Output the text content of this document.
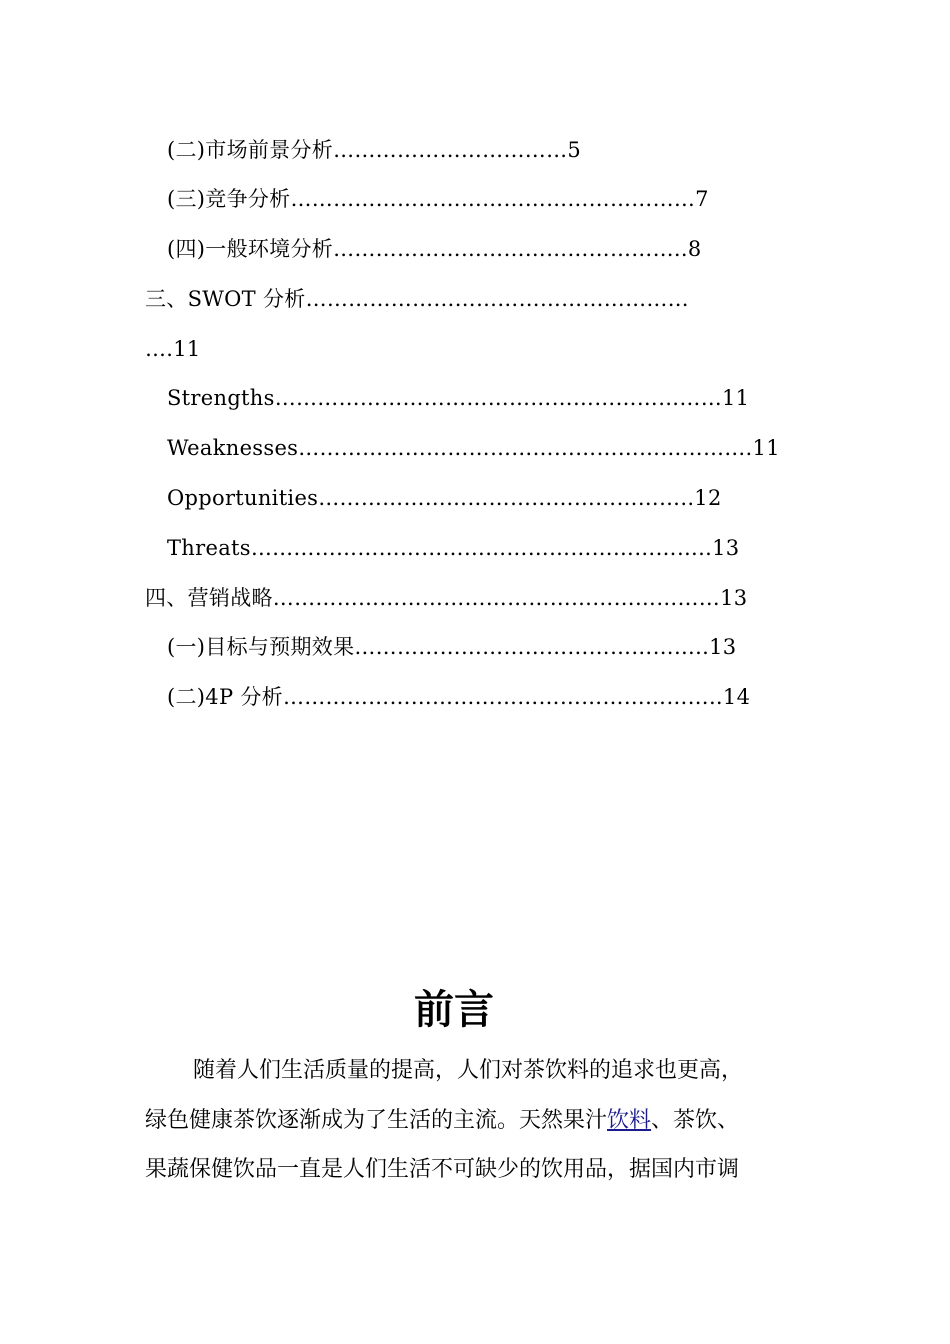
(二)市场前景分析……………………………5
(三)竞争分析…………………………………………………7
(四)一般环境分析…………………………………………..8
三、SWOT 分析………………………………………………
….11
Strengths………………………………………………………11
Weaknesses……………………………………………………….11
Opportunities……………………………………………..12
Threats………………………………………………………..13
四、营销战略………………………………………………………13
(一)目标与预期效果…………………………………………..13
(二)4P 分析……………………………………………………..14
前言
随着人们生活质量的提高，人们对茶饮料的追求也更高，
绿色健康茶饮逐渐成为了生活的主流。天然果汁饮料、茶饮、
果蔬保健饮品一直是人们生活不可缺少的饮用品，据国内市调
